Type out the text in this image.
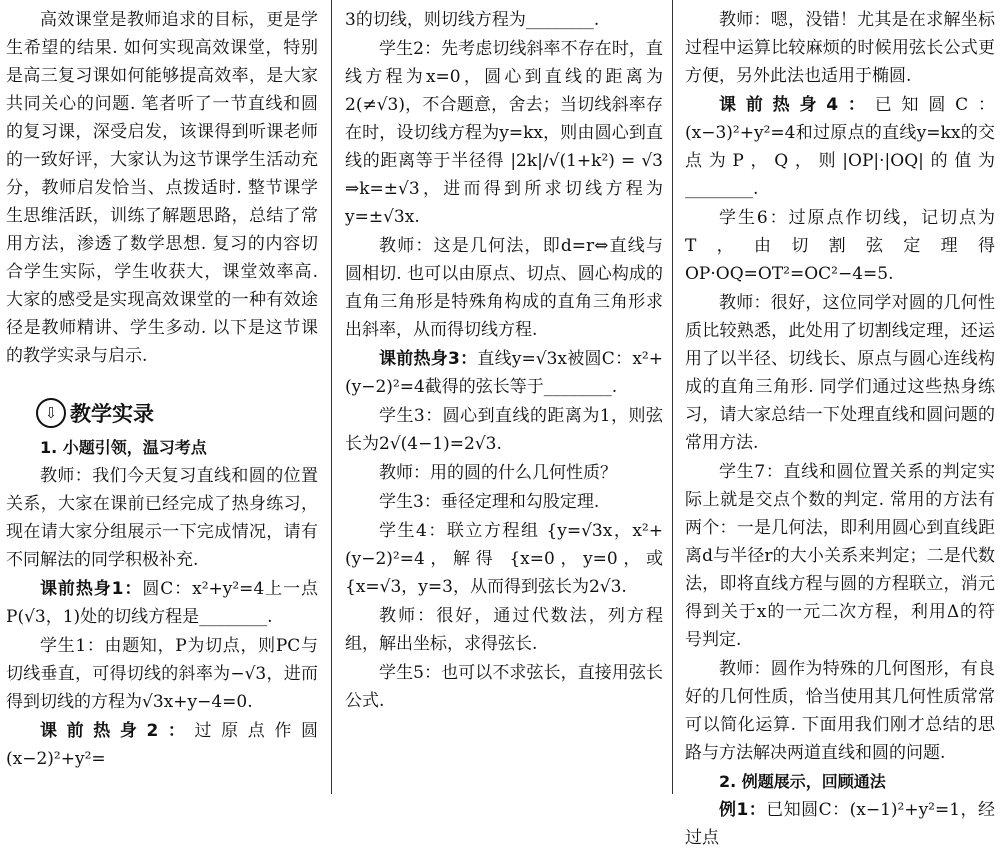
高效课堂是教师追求的目标，更是学生希望的结果. 如何实现高效课堂，特别是高三复习课如何能够提高效率，是大家共同关心的问题. 笔者听了一节直线和圆的复习课，深受启发，该课得到听课老师的一致好评，大家认为这节课学生活动充分，教师启发恰当、点拨适时. 整节课学生思维活跃，训练了解题思路，总结了常用方法，渗透了数学思想. 复习的内容切合学生实际，学生收获大，课堂效率高. 大家的感受是实现高效课堂的一种有效途径是教师精讲、学生多动. 以下是这节课的教学实录与启示.

⇩ 教学实录
1. 小题引领，温习考点

教师：我们今天复习直线和圆的位置关系，大家在课前已经完成了热身练习，现在请大家分组展示一下完成情况，请有不同解法的同学积极补充.

课前热身1：圆C：x²+y²=4上一点P(√3，1)处的切线方程是________.

学生1：由题知，P为切点，则PC与切线垂直，可得切线的斜率为−√3，进而得到切线的方程为√3x+y−4=0.

课前热身2：过原点作圆(x−2)²+y²=

3的切线，则切线方程为________.

学生2：先考虑切线斜率不存在时，直线方程为x=0，圆心到直线的距离为2(≠√3)，不合题意，舍去；当切线斜率存在时，设切线方程为y=kx，则由圆心到直线的距离等于半径得 |2k|/√(1+k²) = √3 ⇒k=±√3，进而得到所求切线方程为y=±√3x.

教师：这是几何法，即d=r⇔直线与圆相切. 也可以由原点、切点、圆心构成的直角三角形是特殊角构成的直角三角形求出斜率，从而得切线方程.

课前热身3：直线y=√3x被圆C：x²+(y−2)²=4截得的弦长等于________.

学生3：圆心到直线的距离为1，则弦长为2√(4−1)=2√3.

教师：用的圆的什么几何性质？

学生3：垂径定理和勾股定理.

学生4：联立方程组 {y=√3x，x²+(y−2)²=4，解得 {x=0，y=0，或 {x=√3，y=3，从而得到弦长为2√3.

教师：很好，通过代数法，列方程组，解出坐标，求得弦长.

学生5：也可以不求弦长，直接用弦长公式.

教师：嗯，没错！尤其是在求解坐标过程中运算比较麻烦的时候用弦长公式更方便，另外此法也适用于椭圆.

课前热身4：已知圆C：(x−3)²+y²=4和过原点的直线y=kx的交点为P，Q，则|OP|·|OQ|的值为________.

学生6：过原点作切线，记切点为T，由切割弦定理得OP·OQ=OT²=OC²−4=5.

教师：很好，这位同学对圆的几何性质比较熟悉，此处用了切割线定理，还运用了以半径、切线长、原点与圆心连线构成的直角三角形. 同学们通过这些热身练习，请大家总结一下处理直线和圆问题的常用方法.

学生7：直线和圆位置关系的判定实际上就是交点个数的判定. 常用的方法有两个：一是几何法，即利用圆心到直线距离d与半径r的大小关系来判定；二是代数法，即将直线方程与圆的方程联立，消元得到关于x的一元二次方程，利用Δ的符号判定.

教师：圆作为特殊的几何图形，有良好的几何性质，恰当使用其几何性质常常可以简化运算. 下面用我们刚才总结的思路与方法解决两道直线和圆的问题.

2. 例题展示，回顾通法

例1：已知圆C：(x−1)²+y²=1，经过点
